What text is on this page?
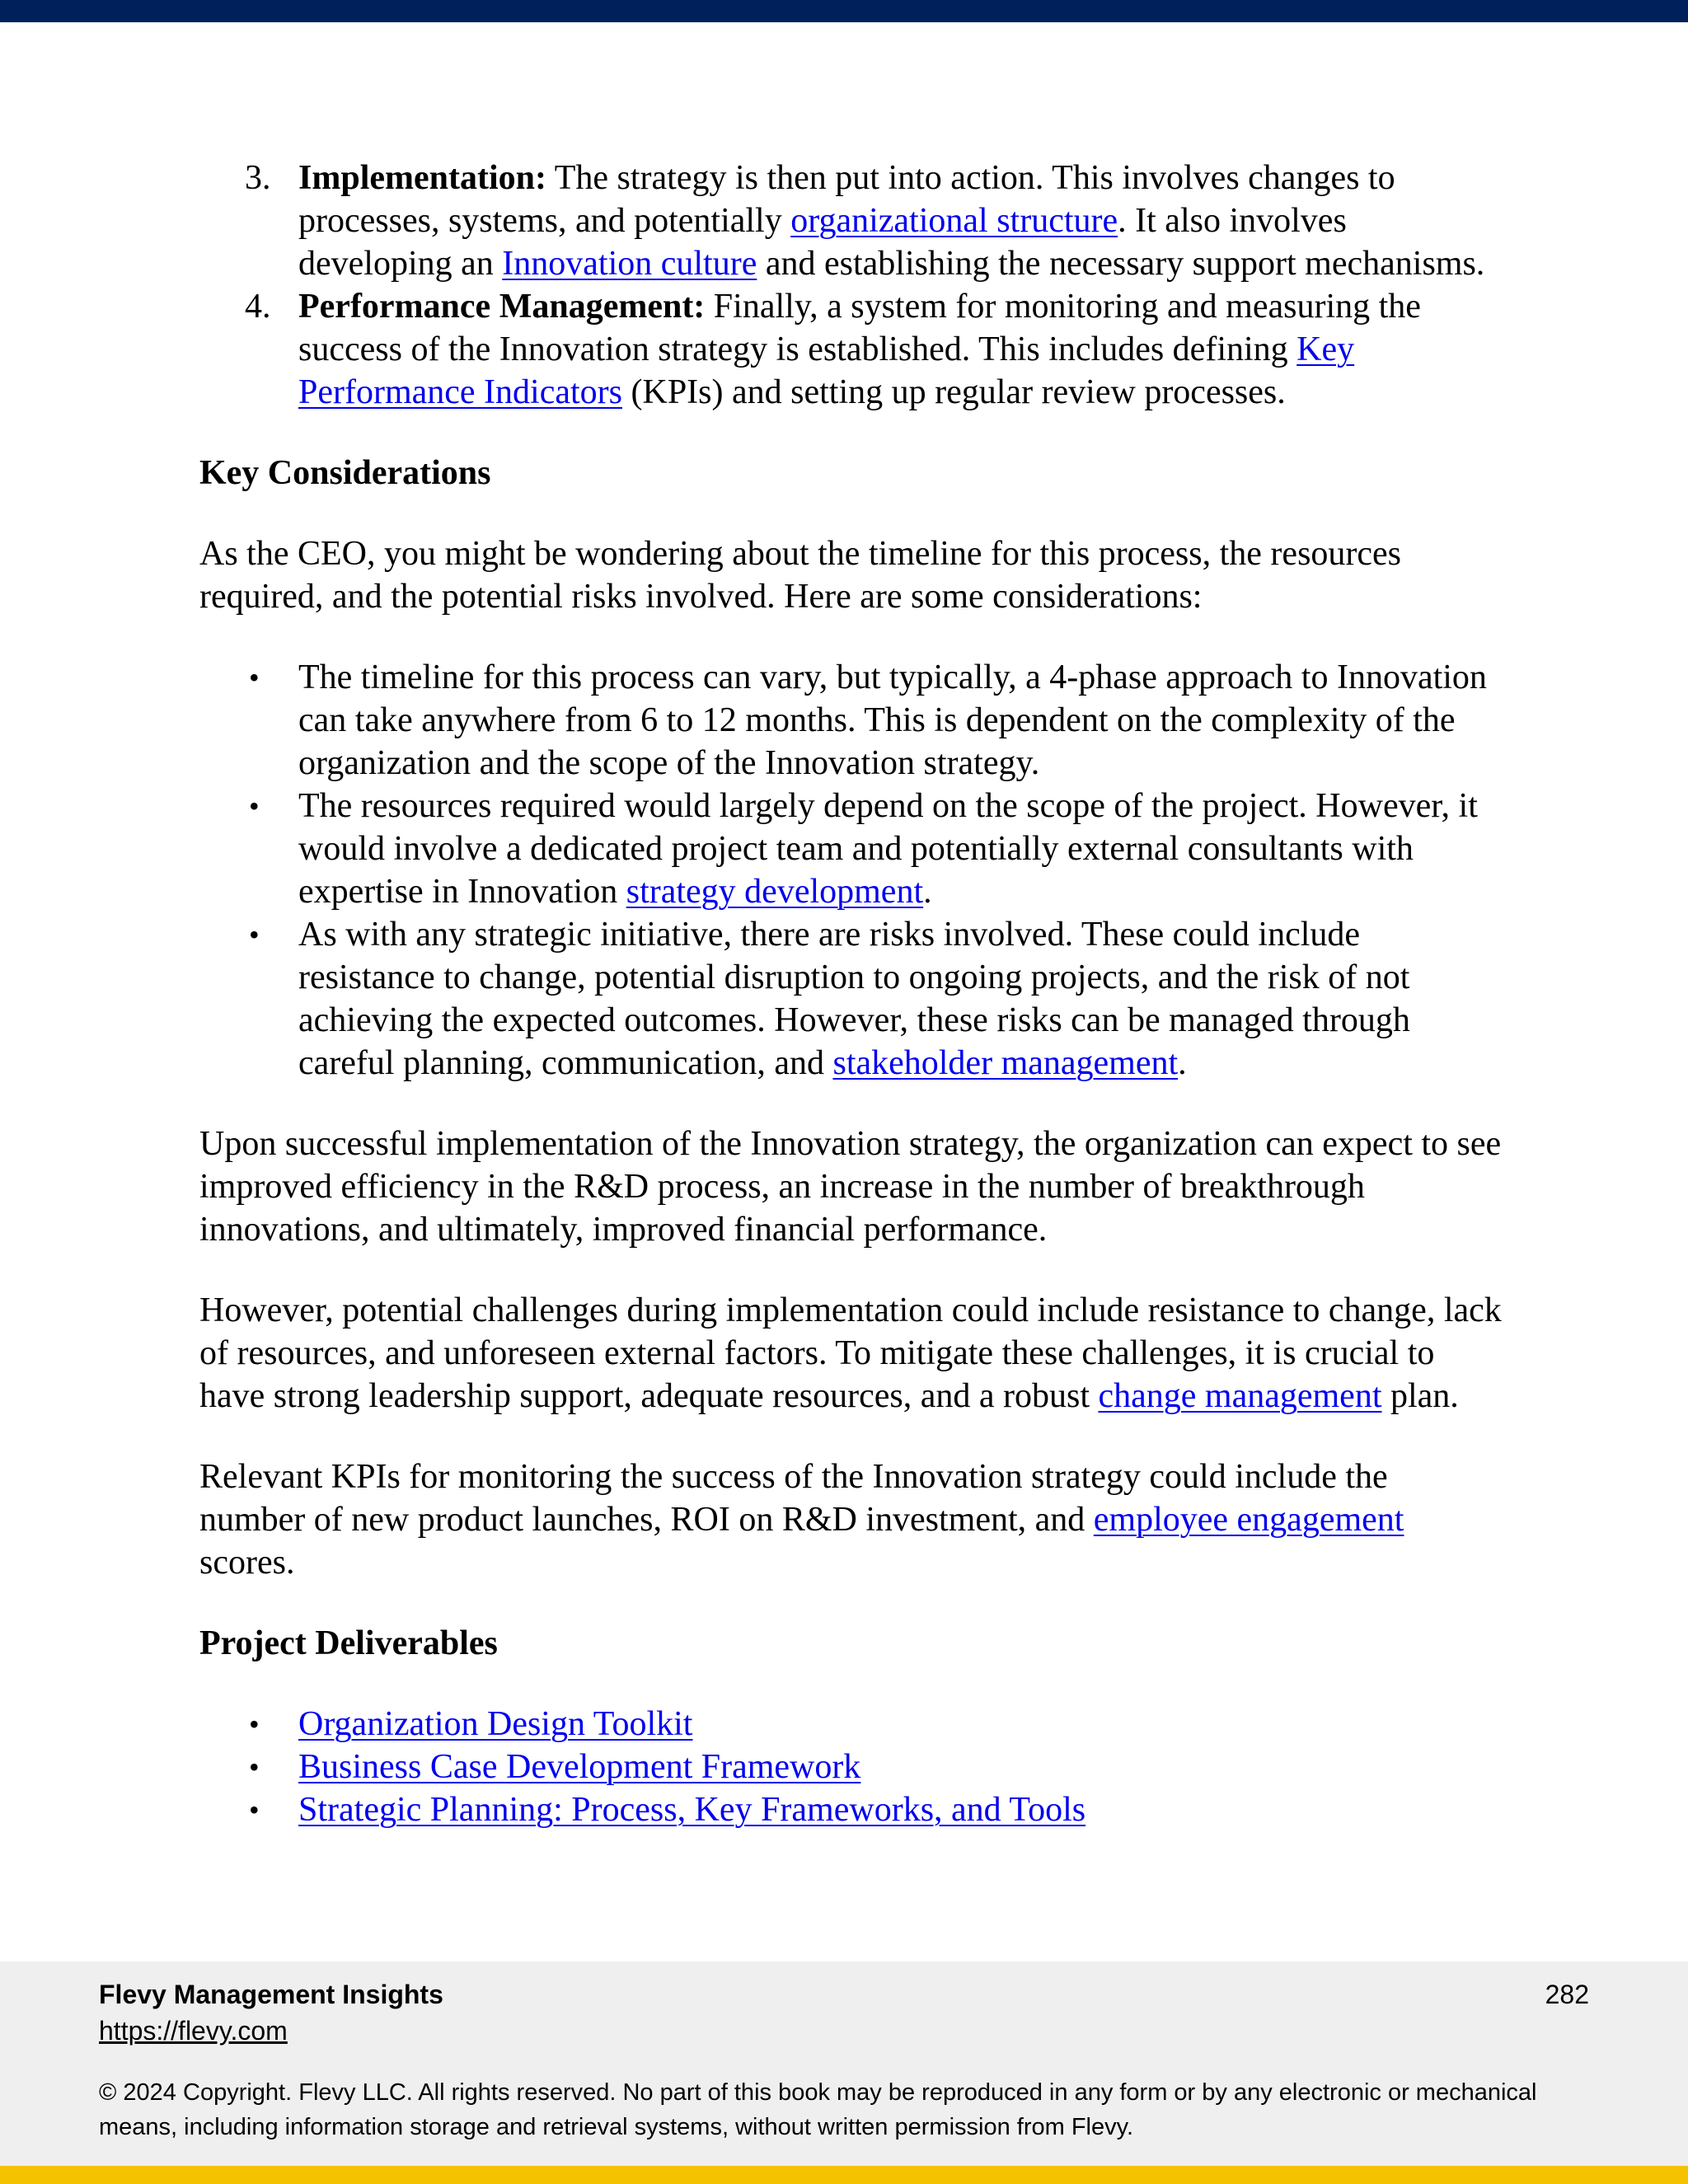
3. Implementation: The strategy is then put into action. This involves changes to processes, systems, and potentially organizational structure. It also involves developing an Innovation culture and establishing the necessary support mechanisms.
4. Performance Management: Finally, a system for monitoring and measuring the success of the Innovation strategy is established. This includes defining Key Performance Indicators (KPIs) and setting up regular review processes.
Key Considerations

As the CEO, you might be wondering about the timeline for this process, the resources required, and the potential risks involved. Here are some considerations:

• The timeline for this process can vary, but typically, a 4-phase approach to Innovation can take anywhere from 6 to 12 months. This is dependent on the complexity of the organization and the scope of the Innovation strategy.
• The resources required would largely depend on the scope of the project. However, it would involve a dedicated project team and potentially external consultants with expertise in Innovation strategy development.
• As with any strategic initiative, there are risks involved. These could include resistance to change, potential disruption to ongoing projects, and the risk of not achieving the expected outcomes. However, these risks can be managed through careful planning, communication, and stakeholder management.

Upon successful implementation of the Innovation strategy, the organization can expect to see improved efficiency in the R&D process, an increase in the number of breakthrough innovations, and ultimately, improved financial performance.

However, potential challenges during implementation could include resistance to change, lack of resources, and unforeseen external factors. To mitigate these challenges, it is crucial to have strong leadership support, adequate resources, and a robust change management plan.

Relevant KPIs for monitoring the success of the Innovation strategy could include the number of new product launches, ROI on R&D investment, and employee engagement scores.

Project Deliverables
• Organization Design Toolkit
• Business Case Development Framework
• Strategic Planning: Process, Key Frameworks, and Tools
Flevy Management Insights
https://flevy.com
282
© 2024 Copyright. Flevy LLC. All rights reserved. No part of this book may be reproduced in any form or by any electronic or mechanical means, including information storage and retrieval systems, without written permission from Flevy.
